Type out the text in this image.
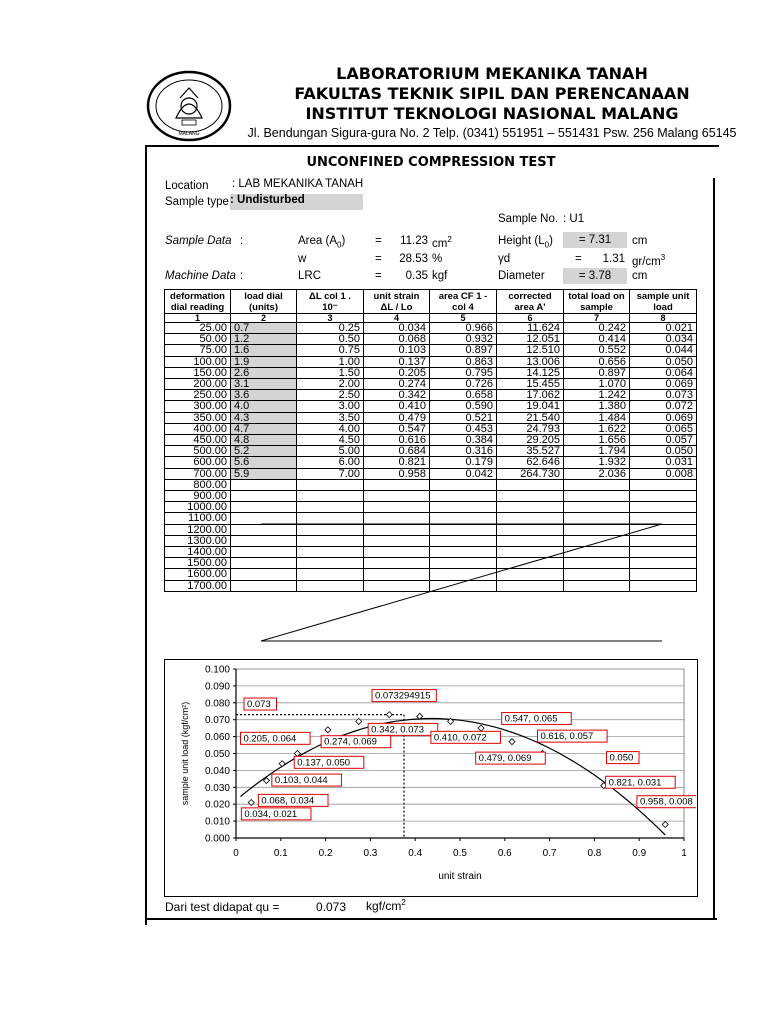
MALANG
LABORATORIUM MEKANIKA TANAH
FAKULTAS TEKNIK SIPIL DAN PERENCANAAN
INSTITUT TEKNOLOGI NASIONAL MALANG
Jl. Bendungan Sigura-gura No. 2 Telp. (0341) 551951 – 551431 Psw. 256 Malang 65145
UNCONFINED COMPRESSION TEST
Location : LAB MEKANIKA TANAH
Sample type : Undisturbed
Sample No. : U1
Sample Data :
Machine Data :
Area $(A_0)$	=	11.23 $cm^2$
w	=	28.53 %
LRC	=	0.35 kgf
Height $(L_0)$	= 7.31	cm
γd	=	1.31 $gr/cm^3$
Diameter	= 3.78	cm
deformation dial reading	load dial (units)	ΔL col 1 . 10⁻	unit strain ΔL / Lo	area CF 1 - col 4	corrected area A'	total load on sample	sample unit load
1	2	3	4	5	6	7	8
25.00	0.7	0.25	0.034	0.966	11.624	0.242	0.021
50.00	1.2	0.50	0.068	0.932	12.051	0.414	0.034
75.00	1.6	0.75	0.103	0.897	12.510	0.552	0.044
100.00	1.9	1.00	0.137	0.863	13.006	0.656	0.050
150.00	2.6	1.50	0.205	0.795	14.125	0.897	0.064
200.00	3.1	2.00	0.274	0.726	15.455	1.070	0.069
250.00	3.6	2.50	0.342	0.658	17.062	1.242	0.073
300.00	4.0	3.00	0.410	0.590	19.041	1.380	0.072
350.00	4.3	3.50	0.479	0.521	21.540	1.484	0.069
400.00	4.7	4.00	0.547	0.453	24.793	1.622	0.065
450.00	4.8	4.50	0.616	0.384	29.205	1.656	0.057
500.00	5.2	5.00	0.684	0.316	35.527	1.794	0.050
600.00	5.6	6.00	0.821	0.179	62.646	1.932	0.031
700.00	5.9	7.00	0.958	0.042	264.730	2.036	0.008
800.00							
900.00							
1000.00							
1100.00							
1200.00							
1300.00							
1400.00							
1500.00							
1600.00							
1700.00							
0.000
0.010
0.020
0.030
0.040
0.050
0.060
0.070
0.080
0.090
0.100
0	0.1	0.2	0.3	0.4	0.5	0.6	0.7	0.8	0.9	1
unit strain
sample unit load (kgf/cm²)
0.034, 0.021
0.068, 0.034
0.103, 0.044
0.137, 0.050
0.205, 0.064	0.274, 0.069
0.342, 0.073
0.410, 0.072
0.479, 0.069
0.547, 0.065
0.616, 0.057
0.050
0.821, 0.031
0.958, 0.008
0.073294915
0.073
Dari test didapat qu =	0.073 kgf/$cm^2$
